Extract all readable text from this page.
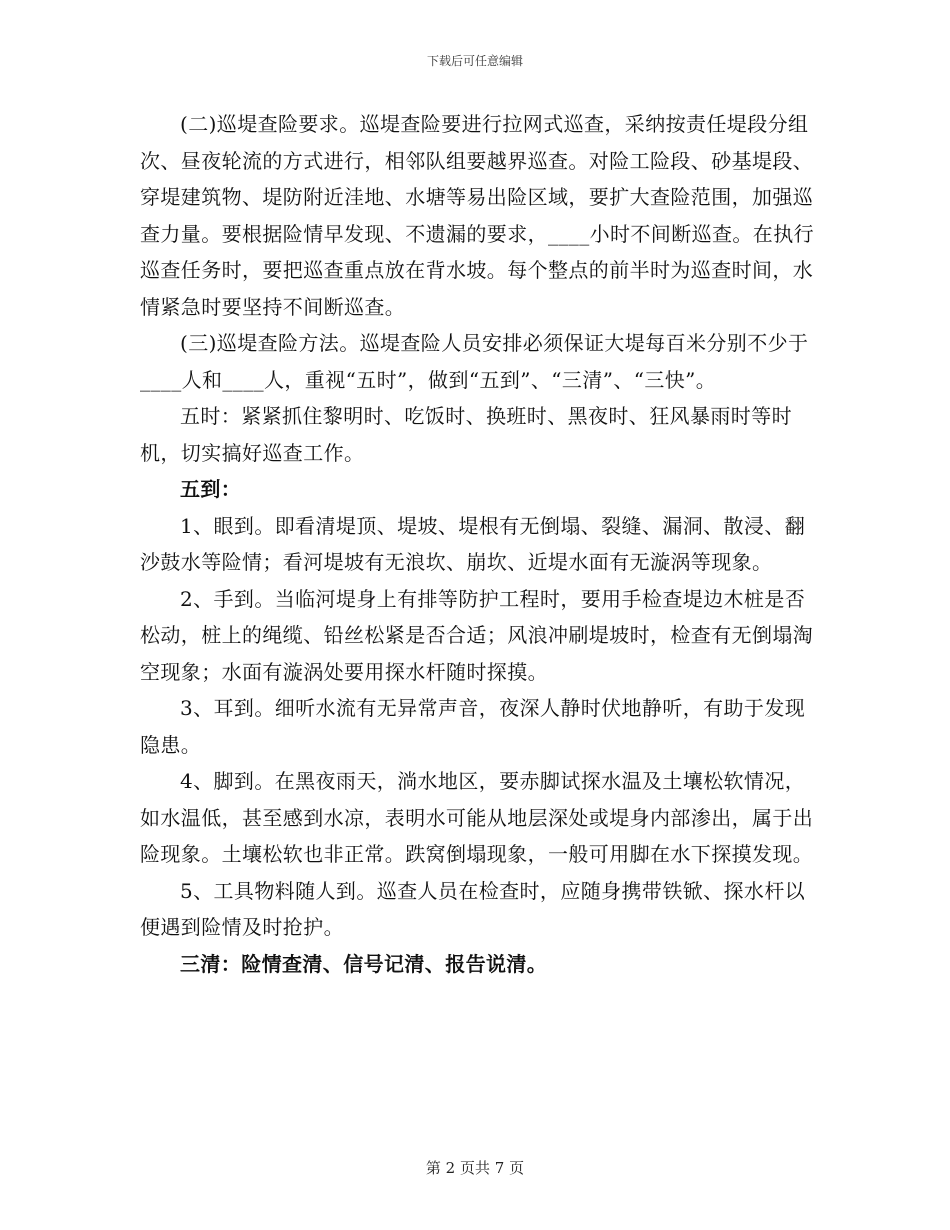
下载后可任意编辑

(二)巡堤查险要求。巡堤查险要进行拉网式巡查，采纳按责任堤段分组次、昼夜轮流的方式进行，相邻队组要越界巡查。对险工险段、砂基堤段、穿堤建筑物、堤防附近洼地、水塘等易出险区域，要扩大查险范围，加强巡查力量。要根据险情早发现、不遗漏的要求，____小时不间断巡查。在执行巡查任务时，要把巡查重点放在背水坡。每个整点的前半时为巡查时间，水情紧急时要坚持不间断巡查。

(三)巡堤查险方法。巡堤查险人员安排必须保证大堤每百米分别不少于____人和____人，重视“五时”，做到“五到”、“三清”、“三快”。

五时：紧紧抓住黎明时、吃饭时、换班时、黑夜时、狂风暴雨时等时机，切实搞好巡查工作。

五到：

1、眼到。即看清堤顶、堤坡、堤根有无倒塌、裂缝、漏洞、散浸、翻沙鼓水等险情；看河堤坡有无浪坎、崩坎、近堤水面有无漩涡等现象。

2、手到。当临河堤身上有排等防护工程时，要用手检查堤边木桩是否松动，桩上的绳缆、铅丝松紧是否合适；风浪冲刷堤坡时，检查有无倒塌淘空现象；水面有漩涡处要用探水杆随时探摸。

3、耳到。细听水流有无异常声音，夜深人静时伏地静听，有助于发现隐患。

4、脚到。在黑夜雨天，淌水地区，要赤脚试探水温及土壤松软情况，如水温低，甚至感到水凉，表明水可能从地层深处或堤身内部渗出，属于出险现象。土壤松软也非正常。跌窝倒塌现象，一般可用脚在水下探摸发现。

5、工具物料随人到。巡查人员在检查时，应随身携带铁锨、探水杆以便遇到险情及时抢护。

三清：险情查清、信号记清、报告说清。

第 2 页共 7 页
